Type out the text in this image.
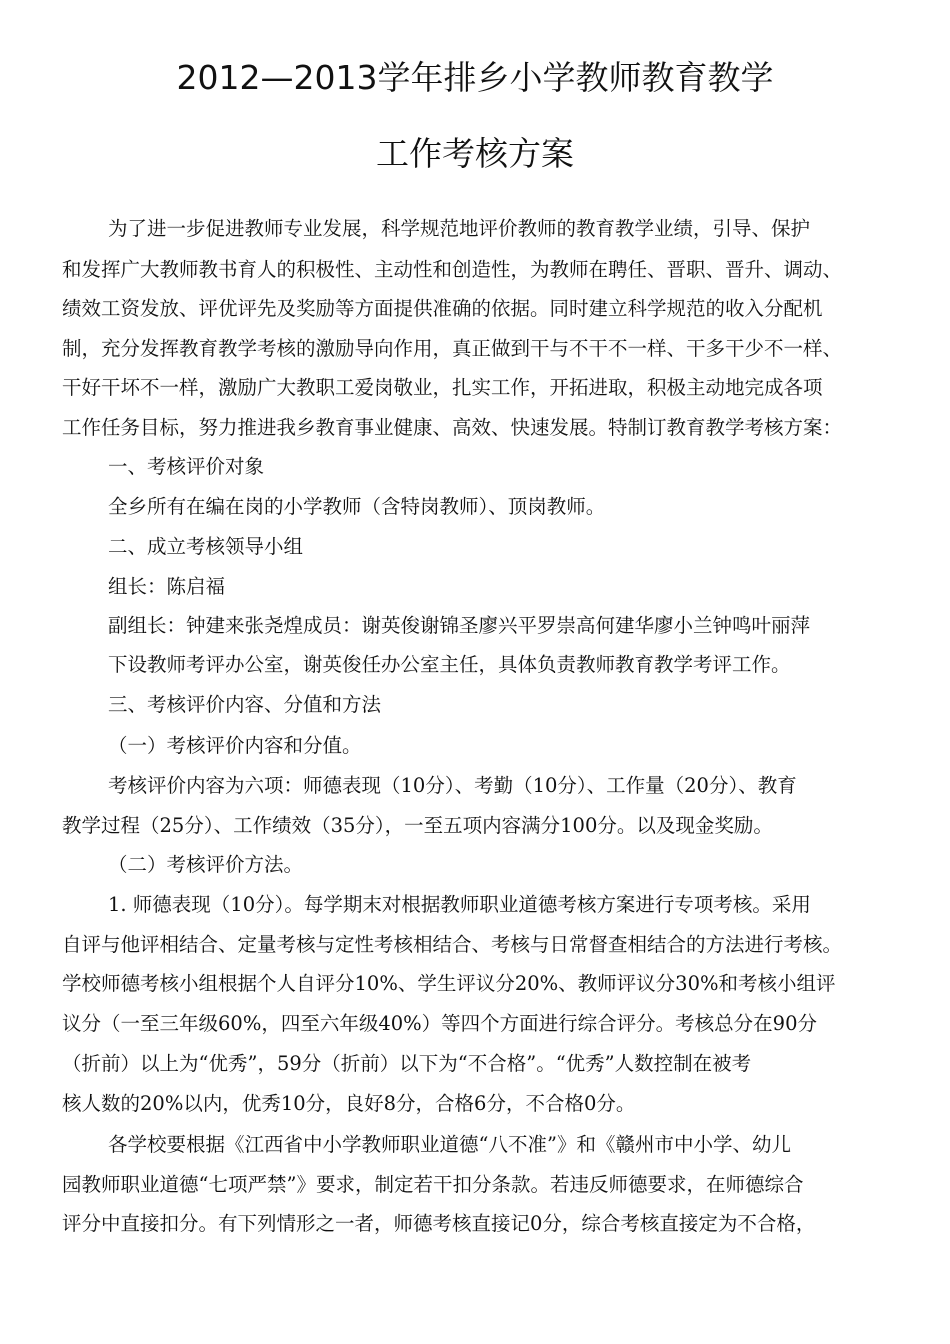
2012—2013学年排乡小学教师教育教学
工作考核方案
为了进一步促进教师专业发展，科学规范地评价教师的教育教学业绩，引导、保护
和发挥广大教师教书育人的积极性、主动性和创造性，为教师在聘任、晋职、晋升、调动、
绩效工资发放、评优评先及奖励等方面提供准确的依据。同时建立科学规范的收入分配机
制，充分发挥教育教学考核的激励导向作用，真正做到干与不干不一样、干多干少不一样、
干好干坏不一样，激励广大教职工爱岗敬业，扎实工作，开拓进取，积极主动地完成各项
工作任务目标，努力推进我乡教育事业健康、高效、快速发展。特制订教育教学考核方案：
一、考核评价对象
全乡所有在编在岗的小学教师（含特岗教师）、顶岗教师。
二、成立考核领导小组
组长：陈启福
副组长：钟建来张尧煌成员：谢英俊谢锦圣廖兴平罗崇高何建华廖小兰钟鸣叶丽萍
下设教师考评办公室，谢英俊任办公室主任，具体负责教师教育教学考评工作。
三、考核评价内容、分值和方法
（一）考核评价内容和分值。
考核评价内容为六项：师德表现（10分）、考勤（10分）、工作量（20分）、教育
教学过程（25分）、工作绩效（35分），一至五项内容满分100分。以及现金奖励。
（二）考核评价方法。
1. 师德表现（10分）。每学期末对根据教师职业道德考核方案进行专项考核。采用
自评与他评相结合、定量考核与定性考核相结合、考核与日常督查相结合的方法进行考核。
学校师德考核小组根据个人自评分10%、学生评议分20%、教师评议分30%和考核小组评
议分（一至三年级60%，四至六年级40%）等四个方面进行综合评分。考核总分在90分
（折前）以上为“优秀”，59分（折前）以下为“不合格”。“优秀”人数控制在被考
核人数的20%以内，优秀10分，良好8分，合格6分，不合格0分。
各学校要根据《江西省中小学教师职业道德“八不准”》和《赣州市中小学、幼儿
园教师职业道德“七项严禁”》要求，制定若干扣分条款。若违反师德要求，在师德综合
评分中直接扣分。有下列情形之一者，师德考核直接记0分，综合考核直接定为不合格，
